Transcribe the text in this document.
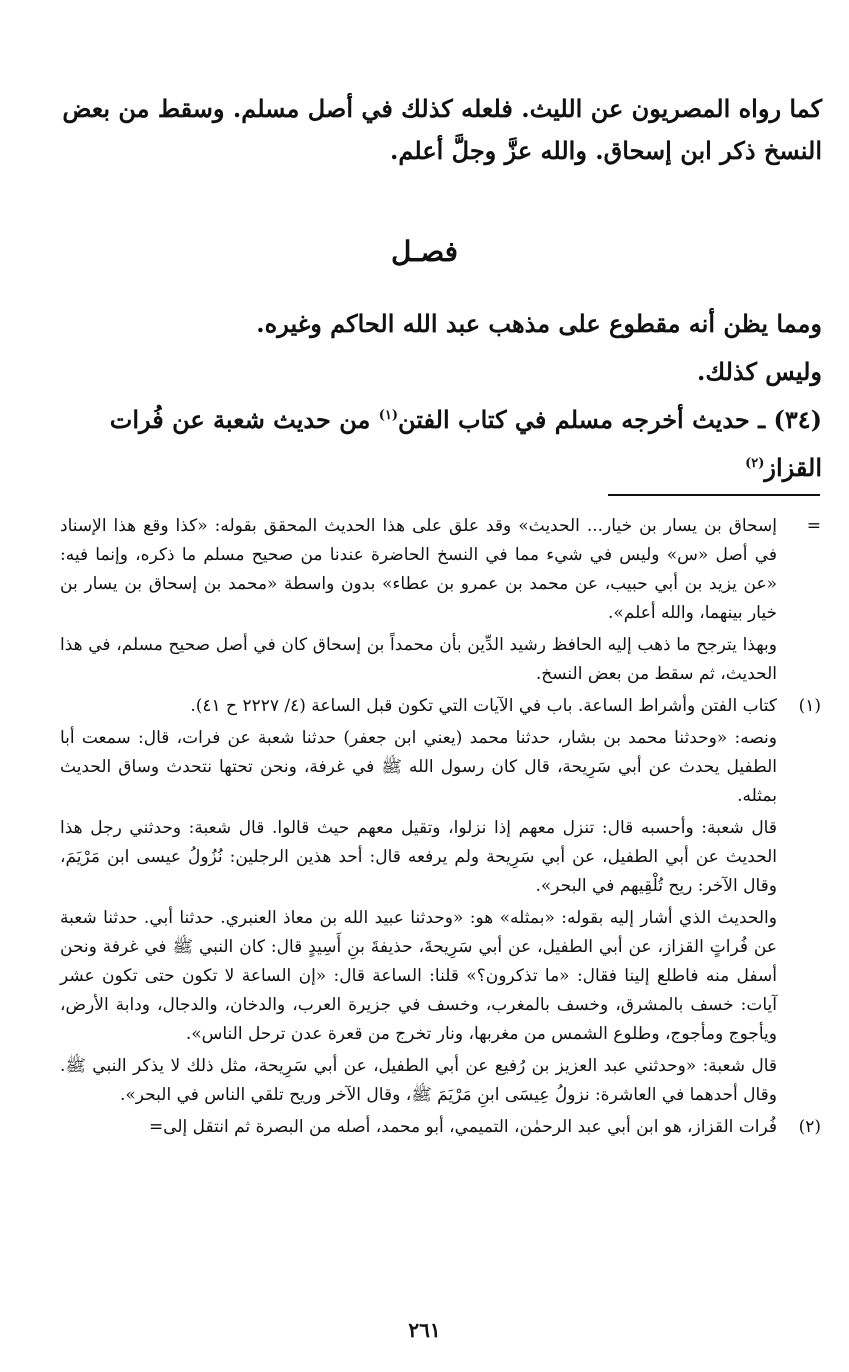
كما رواه المصريون عن الليث. فلعله كذلك في أصل مسلم. وسقط من بعض

النسخ ذكر ابن إسحاق. والله عزَّ وجلَّ أعلم.

فصـل

ومما يظن أنه مقطوع على مذهب عبد الله الحاكم وغيره.

وليس كذلك.

(٣٤) ـ حديث أخرجه مسلم في كتاب الفتن$^{(١)}$ من حديث شعبة عن فُرات القزاز$^{(٢)}$

=

إسحاق بن يسار بن خيار... الحديث» وقد علق على هذا الحديث المحقق بقوله: «كذا وقع هذا الإسناد في أصل «س» وليس في شيء مما في النسخ الحاضرة عندنا من صحيح مسلم ما ذكره، وإنما فيه: «عن يزيد بن أبي حبيب، عن محمد بن عمرو بن عطاء» بدون واسطة «محمد بن إسحاق بن يسار بن خيار بينهما، والله أعلم».

وبهذا يترجح ما ذهب إليه الحافظ رشيد الدِّين بأن محمداً بن إسحاق كان في أصل صحيح مسلم، في هذا الحديث، ثم سقط من بعض النسخ.

(١)

كتاب الفتن وأشراط الساعة. باب في الآيات التي تكون قبل الساعة (٤/ ٢٢٢٧ ح ٤١).

ونصه: «وحدثنا محمد بن بشار، حدثنا محمد (يعني ابن جعفر) حدثنا شعبة عن فرات، قال: سمعت أبا الطفيل يحدث عن أبي سَرِيحة، قال كان رسول الله ﷺ في غرفة، ونحن تحتها نتحدث وساق الحديث بمثله.

قال شعبة: وأحسبه قال: تنزل معهم إذا نزلوا، وتقيل معهم حيث قالوا. قال شعبة: وحدثني رجل هذا الحديث عن أبي الطفيل، عن أبي سَرِيحة ولم يرفعه قال: أحد هذين الرجلين: نُزُولُ عيسى ابن مَرْيَمَ، وقال الآخر: ريح تُلْقِيهم في البحر».

والحديث الذي أشار إليه بقوله: «بمثله» هو: «وحدثنا عبيد الله بن معاذ العنبري. حدثنا أبي. حدثنا شعبة عن فُراتٍ القزاز، عن أبي الطفيل، عن أبي سَرِيحةَ، حذيفةَ بنِ أَسِيدٍ قال: كان النبي ﷺ في غرفة ونحن أسفل منه فاطلع إلينا فقال: «ما تذكرون؟» قلنا: الساعة قال: «إن الساعة لا تكون حتى تكون عشر آيات: خسف بالمشرق، وخسف بالمغرب، وخسف في جزيرة العرب، والدخان، والدجال، ودابة الأرض، ويأجوج ومأجوج، وطلوع الشمس من مغربها، ونار تخرج من قعرة عدن ترحل الناس».

قال شعبة: «وحدثني عبد العزيز بن رُفيع عن أبي الطفيل، عن أبي سَرِيحة، مثل ذلك لا يذكر النبي ﷺ. وقال أحدهما في العاشرة: نزولُ عِيسَى ابنِ مَرْيَمَ ﷺ، وقال الآخر وريح تلقي الناس في البحر».

(٢)

فُرات القزاز، هو ابن أبي عبد الرحمٰن، التميمي، أبو محمد، أصله من البصرة ثم انتقل إلى=

٢٦١
